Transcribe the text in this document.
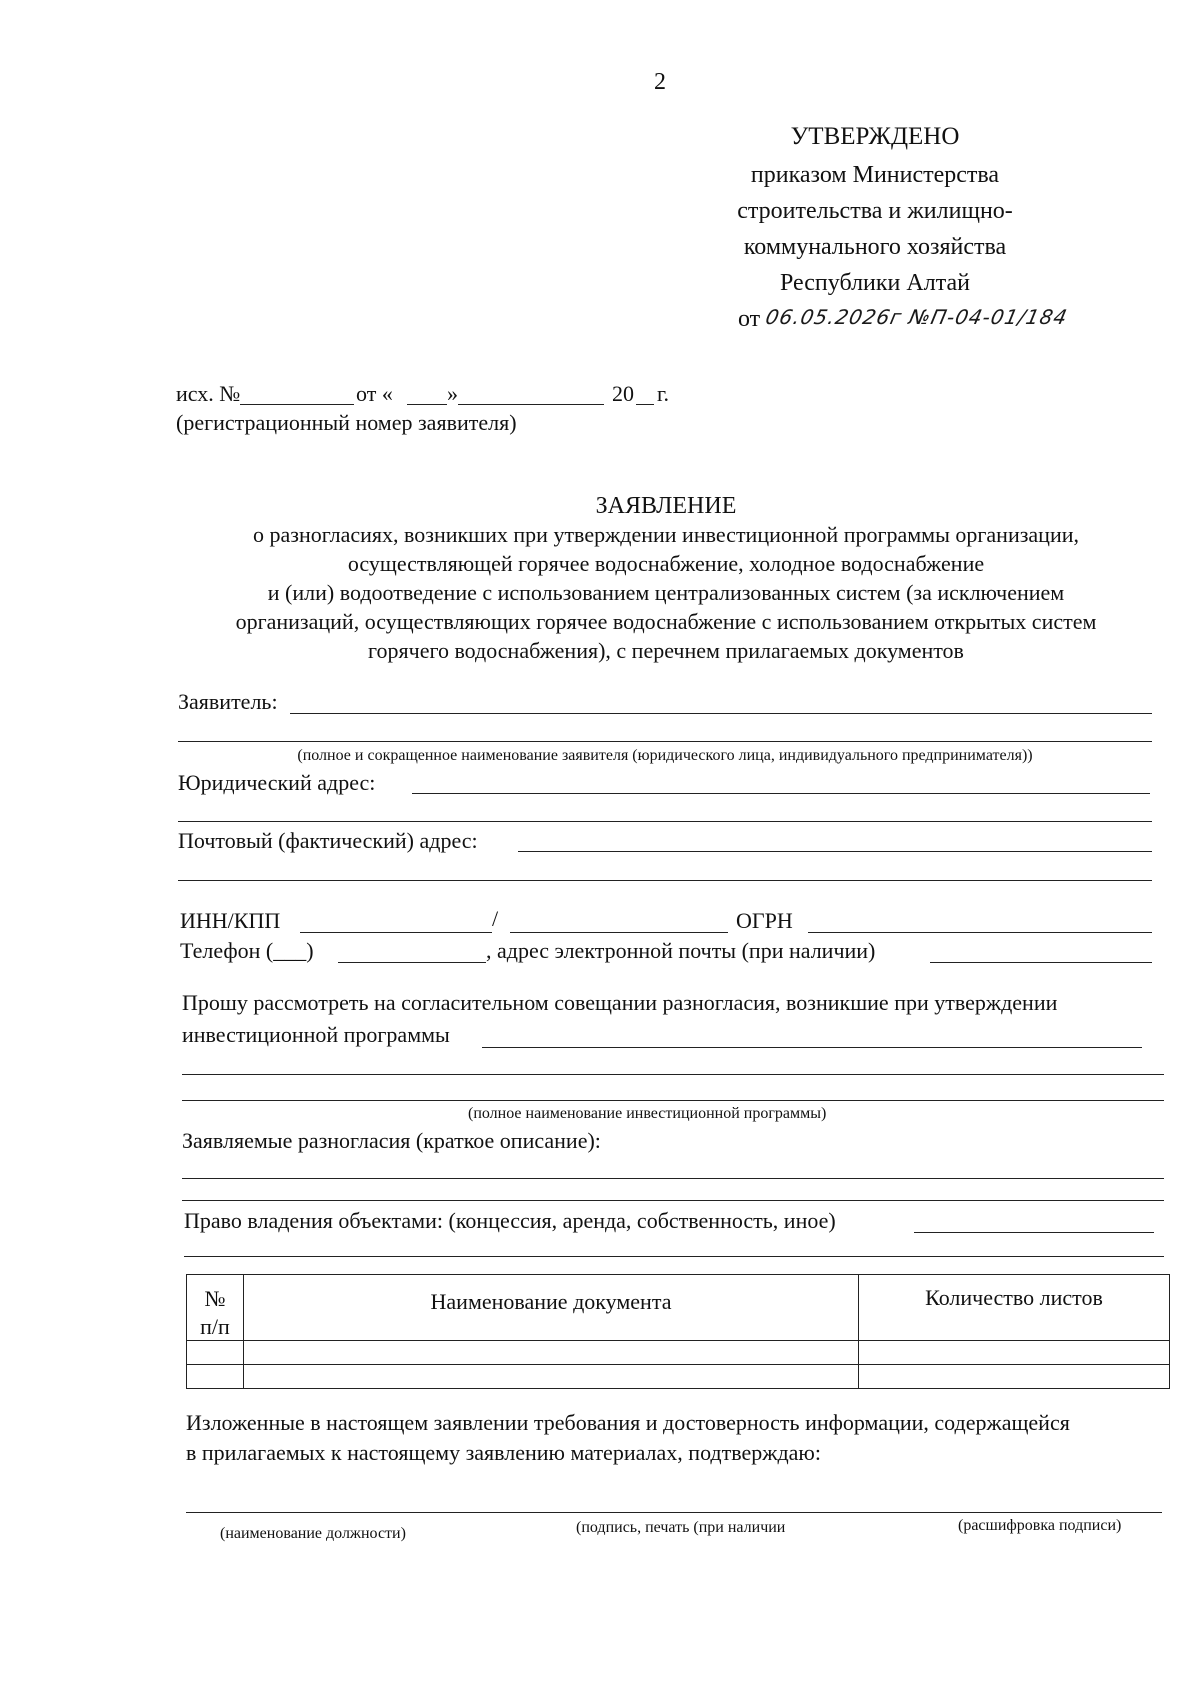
2
УТВЕРЖДЕНО
приказом Министерства
строительства и жилищно-
коммунального хозяйства
Республики Алтай
от 06.05.2026г №П-04-01/184
исх. №	от « »	20 г.
(регистрационный номер заявителя)
ЗАЯВЛЕНИЕ
о разногласиях, возникших при утверждении инвестиционной программы организации,
осуществляющей горячее водоснабжение, холодное водоснабжение
и (или) водоотведение с использованием централизованных систем (за исключением
организаций, осуществляющих горячее водоснабжение с использованием открытых систем
горячего водоснабжения), с перечнем прилагаемых документов
Заявитель:
(полное и сокращенное наименование заявителя (юридического лица, индивидуального предпринимателя))
Юридический адрес:
Почтовый (фактический) адрес:
ИНН/КПП	/	ОГРН
Телефон (___)	, адрес электронной почты (при наличии)
Прошу рассмотреть на согласительном совещании разногласия, возникшие при утверждении
инвестиционной программы
(полное наименование инвестиционной программы)
Заявляемые разногласия (краткое описание):
Право владения объектами: (концессия, аренда, собственность, иное)
№
п/п	Наименование документа	Количество листов

Изложенные в настоящем заявлении требования и достоверность информации, содержащейся
в прилагаемых к настоящему заявлению материалах, подтверждаю:
(наименование должности)	(подпись, печать (при наличии	(расшифровка подписи)
